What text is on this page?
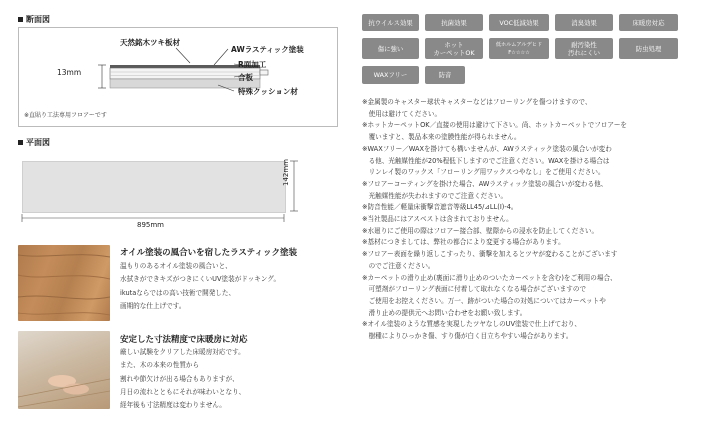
断面図
天然銘木ツキ板材
AWラスティック塗装
R面加工
合板
特殊クッション材
13mm
※直貼り工法専用フロアーです
平面図
895mm
142mm
オイル塗装の風合いを宿したラスティック塗装
温もりのあるオイル塗装の風合いと、
水拭きができキズがつきにくいUV塗装がドッキング。
ikutaならではの高い技術で開発した、
画期的な仕上げです。
安定した寸法精度で床暖房に対応
厳しい試験をクリアした床暖房対応です。
また、木の本来の性質から
割れや節欠けが出る場合もありますが、
月日の流れとともにそれが味わいとなり、
経年後も寸法精度は変わりません。
抗ウイルス効果	抗菌効果	VOC低減効果	消臭効果	床暖房対応
傷に強い	ホット
カーペットOK
低ホルムアルデヒド
F☆☆☆☆
耐汚染性
汚れにくい	防虫処理
WAXフリー	防音
※金属製のキャスター球状キャスターなどはフローリングを傷つけますので、
　使用は避けてください。
※ホットカーペットOK／直接の使用は避けて下さい。尚、ホットカーペットでフロアーを
　覆いますと、製品本来の塗膜性能が得られません。
※WAXフリー／WAXを掛けても構いませんが、AWラスティック塗装の風合いが変わ
　る他、光触媒性能が20%程低下しますのでご注意ください。WAXを掛ける場合は
　リンレイ製のワックス「フローリング用ワックスつやなし」をご使用ください。
※フロアーコーティングを掛けた場合、AWラスティック塗装の風合いが変わる他、
　光触媒性能が失われますのでご注意ください。
※防音性能／軽量床衝撃音遮音等級LL45/⊿LL(I)-4。
※当社製品にはアスベストは含まれておりません。
※水廻りにご使用の際はフロアー接合部、壁際からの浸水を防止してください。
※基材につきましては、弊社の都合により変更する場合があります。
※フロアー表面を繰り返しこすったり、衝撃を加えるとツヤが変わることがございます
　のでご注意ください。
※カーペットの滑り止め(裏面に滑り止めのついたカーペットを含む)をご利用の場合、
　可塑剤がフローリング表面に付着して取れなくなる場合がございますので
　ご使用をお控えください。万一、跡がついた場合の対処についてはカーペットや
　滑り止めの提供元へお問い合わせをお願い致します。
※オイル塗装のような質感を実現したツヤなしのUV塗装で仕上げており、
　樹種によりひっかき傷、すり傷が白く目立ちやすい場合があります。
